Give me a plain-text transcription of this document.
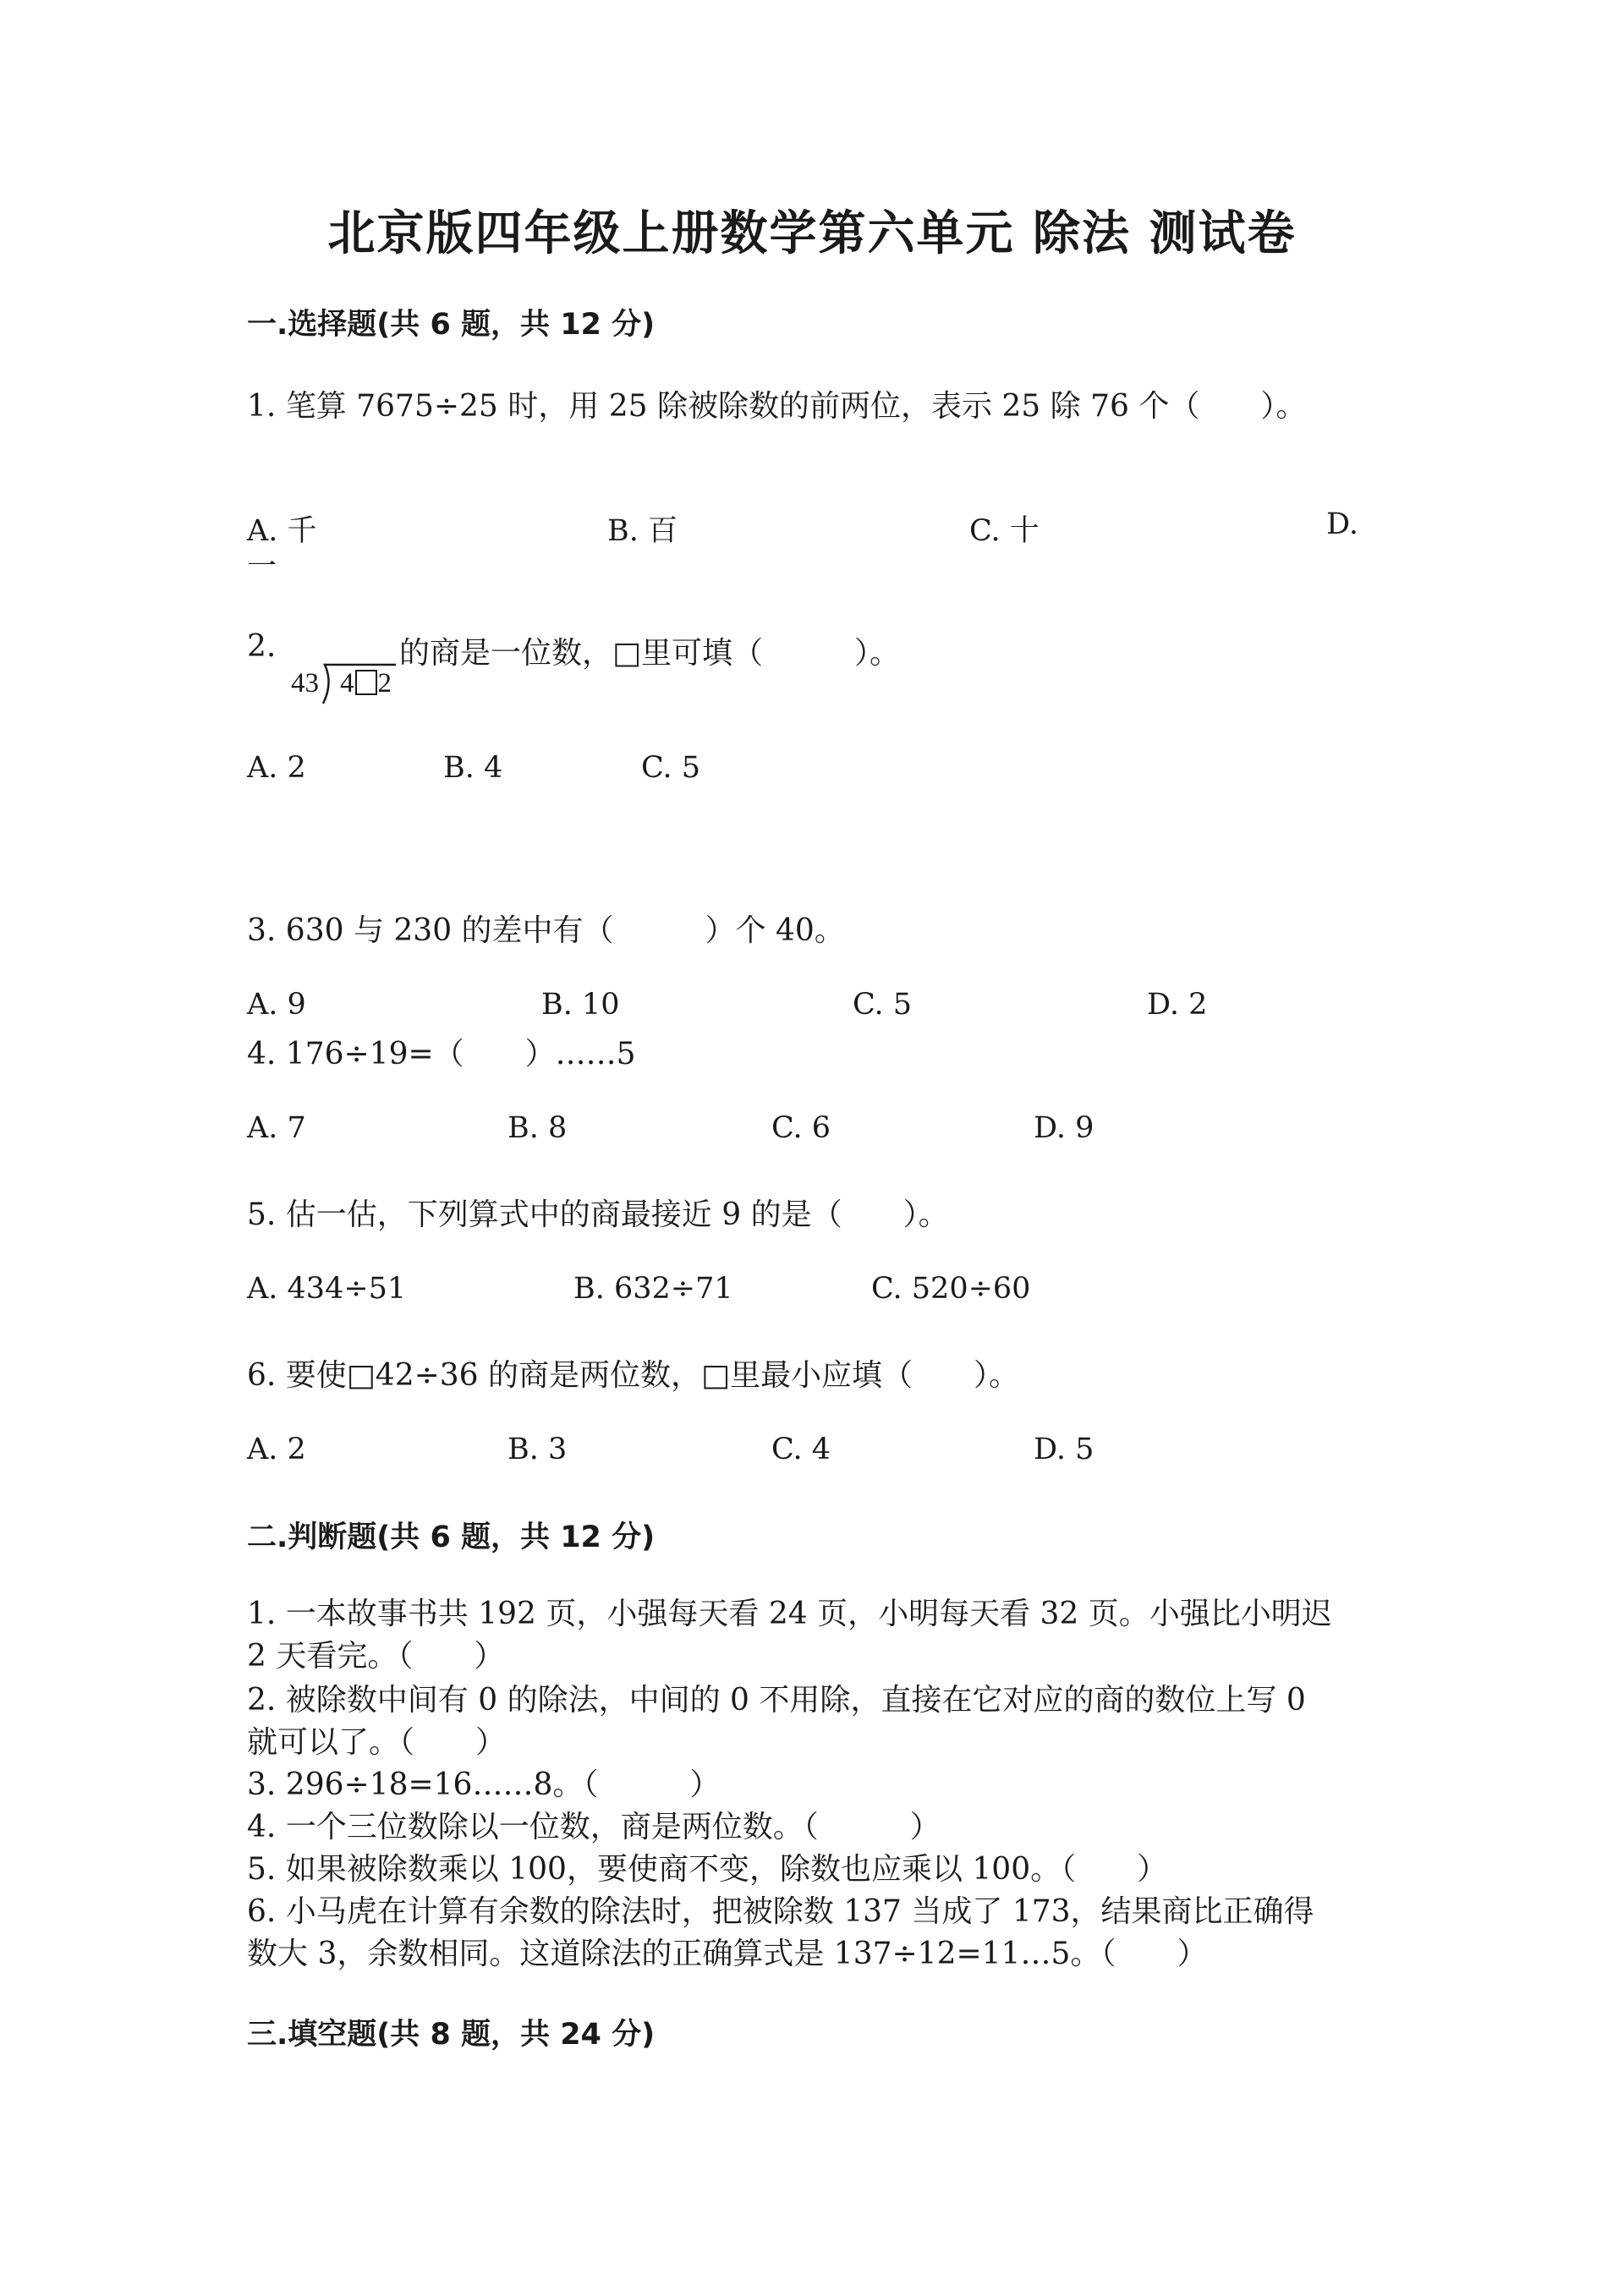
北京版四年级上册数学第六单元 除法 测试卷
一.选择题(共 6 题，共 12 分)
1. 笔算 7675÷25 时，用 25 除被除数的前两位，表示 25 除 76 个（　　）。
A. 千	B. 百	C. 十	D.
一
2.
43 4 2
的商是一位数，□里可填（　　　）。
A. 2	B. 4	C. 5
3. 630 与 230 的差中有（　　　）个 40。
A. 9	B. 10	C. 5	D. 2
4. 176÷19=（　　）……5
A. 7	B. 8	C. 6	D. 9
5. 估一估，下列算式中的商最接近 9 的是（　　）。
A. 434÷51	B. 632÷71	C. 520÷60
6. 要使□42÷36 的商是两位数，□里最小应填（　　）。
A. 2	B. 3	C. 4	D. 5
二.判断题(共 6 题，共 12 分)
1. 一本故事书共 192 页，小强每天看 24 页，小明每天看 32 页。小强比小明迟
2 天看完。（　　）
2. 被除数中间有 0 的除法，中间的 0 不用除，直接在它对应的商的数位上写 0
就可以了。（　　）
3. 296÷18=16……8。（　　　）
4. 一个三位数除以一位数，商是两位数。（　　　）
5. 如果被除数乘以 100，要使商不变，除数也应乘以 100。（　　）
6. 小马虎在计算有余数的除法时，把被除数 137 当成了 173，结果商比正确得
数大 3，余数相同。这道除法的正确算式是 137÷12=11…5。（　　）
三.填空题(共 8 题，共 24 分)
